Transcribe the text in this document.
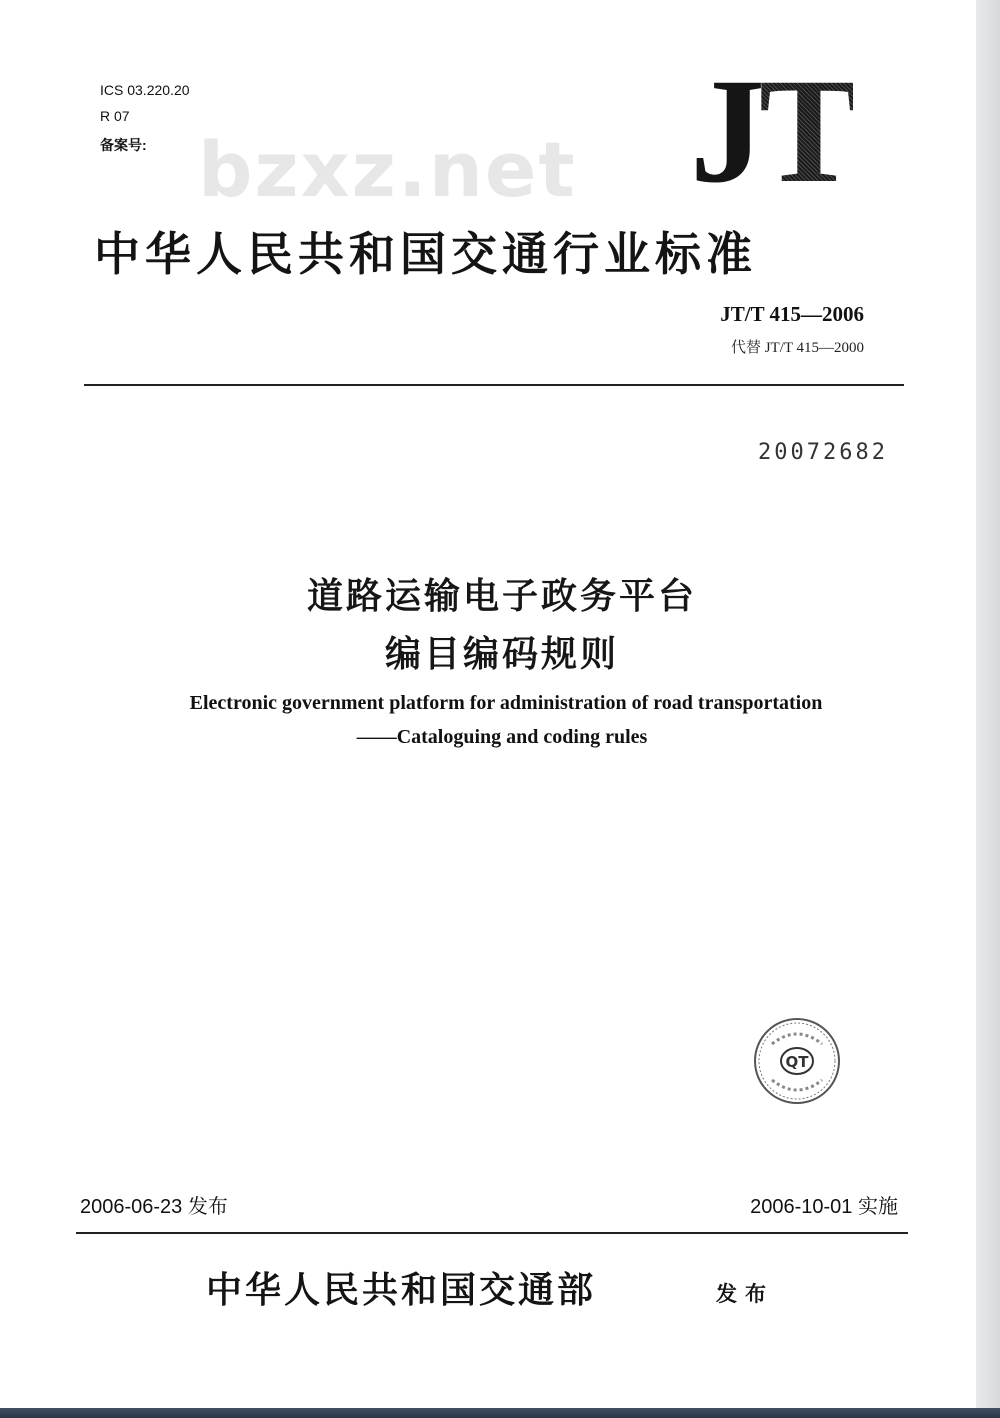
ICS 03.220.20
R 07
备案号:	JT
bzxz.net
中华人民共和国交通行业标准
JT/T 415—2006
代替 JT/T 415—2000
20072682
道路运输电子政务平台
编目编码规则
Electronic government platform for administration of road transportation
——Cataloguing and coding rules
QT
2006-06-23 发布	2006-10-01 实施
中华人民共和国交通部	发布
